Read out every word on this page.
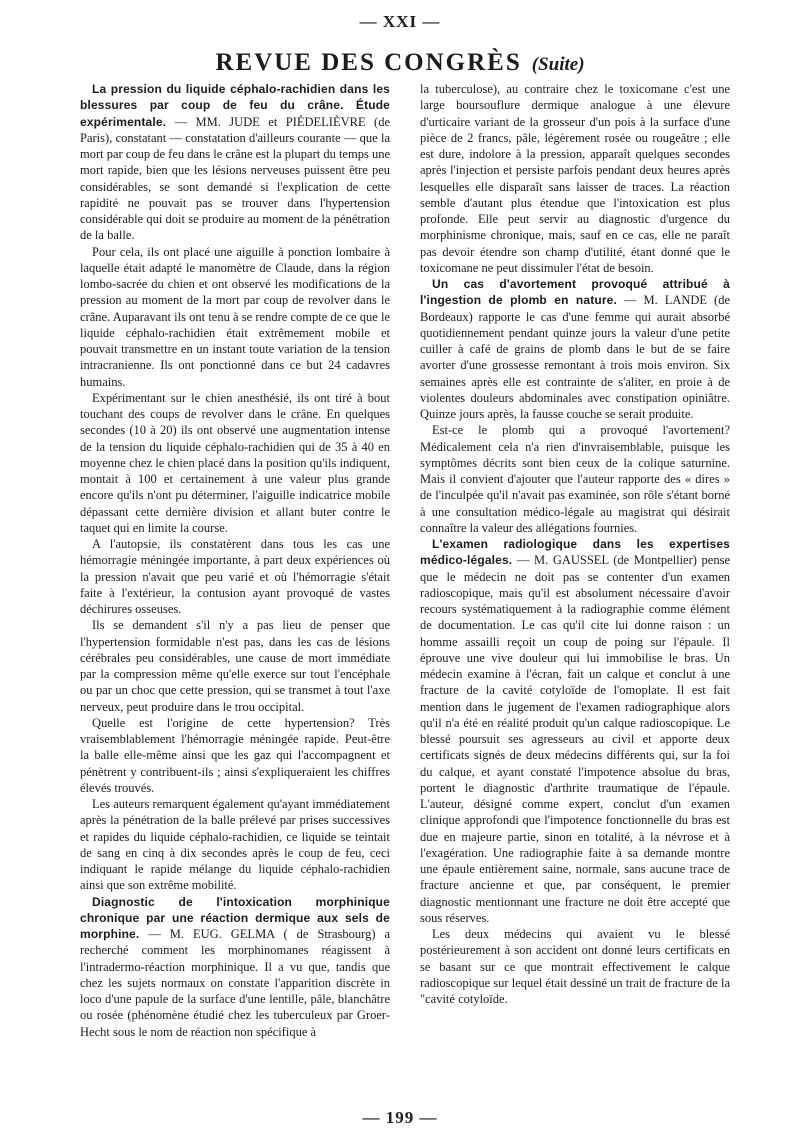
— XXI —

REVUE DES CONGRÈS (Suite)

La pression du liquide céphalo-rachidien dans les blessures par coup de feu du crâne. Étude expérimentale. — MM. JUDE et PIÉDELIÈVRE (de Paris), constatant — constatation d'ailleurs courante — que la mort par coup de feu dans le crâne est la plupart du temps une mort rapide, bien que les lésions nerveuses puissent être peu considérables, se sont demandé si l'explication de cette rapidité ne pouvait pas se trouver dans l'hypertension considérable qui doit se produire au moment de la pénétration de la balle.

Pour cela, ils ont placé une aiguille à ponction lombaire à laquelle était adapté le manomètre de Claude, dans la région lombo-sacrée du chien et ont observé les modifications de la pression au moment de la mort par coup de revolver dans le crâne. Auparavant ils ont tenu à se rendre compte de ce que le liquide céphalo-rachidien était extrêmement mobile et pouvait transmettre en un instant toute variation de la tension intracranienne. Ils ont ponctionné dans ce but 24 cadavres humains.

Expérimentant sur le chien anesthésié, ils ont tiré à bout touchant des coups de revolver dans le crâne. En quelques secondes (10 à 20) ils ont observé une augmentation intense de la tension du liquide céphalo-rachidien qui de 35 à 40 en moyenne chez le chien placé dans la position qu'ils indiquent, montait à 100 et certainement à une valeur plus grande encore qu'ils n'ont pu déterminer, l'aiguille indicatrice mobile dépassant cette dernière division et allant buter contre le taquet qui en limite la course.

A l'autopsie, ils constatèrent dans tous les cas une hémorragie méningée importante, à part deux expériences où la pression n'avait que peu varié et où l'hémorragie s'était faite à l'extérieur, la contusion ayant provoqué de vastes déchirures osseuses.

Ils se demandent s'il n'y a pas lieu de penser que l'hypertension formidable n'est pas, dans les cas de lésions cérébrales peu considérables, une cause de mort immédiate par la compression même qu'elle exerce sur tout l'encéphale ou par un choc que cette pression, qui se transmet à tout l'axe nerveux, peut produire dans le trou occipital.

Quelle est l'origine de cette hypertension? Très vraisemblablement l'hémorragie méningée rapide. Peut-être la balle elle-même ainsi que les gaz qui l'accompagnent et pénètrent y contribuent-ils ; ainsi s'expliqueraient les chiffres élevés trouvés.

Les auteurs remarquent également qu'ayant immédiatement après la pénétration de la balle prélevé par prises successives et rapides du liquide céphalo-rachidien, ce liquide se teintait de sang en cinq à dix secondes après le coup de feu, ceci indiquant le rapide mélange du liquide céphalo-rachidien ainsi que son extrême mobilité.

Diagnostic de l'intoxication morphinique chronique par une réaction dermique aux sels de morphine. — M. EUG. GELMA ( de Strasbourg) a recherché comment les morphinomanes réagissent à l'intradermo-réaction morphinique. Il a vu que, tandis que chez les sujets normaux on constate l'apparition discrète in loco d'une papule de la surface d'une lentille, pâle, blanchâtre ou rosée (phénomène étudié chez les tuberculeux par Groer-Hecht sous le nom de réaction non spécifique à

la tuberculose), au contraire chez le toxicomane c'est une large boursouflure dermique analogue à une élevure d'urticaire variant de la grosseur d'un pois à la surface d'une pièce de 2 francs, pâle, légèrement rosée ou rougeâtre ; elle est dure, indolore à la pression, apparaît quelques secondes après l'injection et persiste parfois pendant deux heures après lesquelles elle disparaît sans laisser de traces. La réaction semble d'autant plus étendue que l'intoxication est plus profonde. Elle peut servir au diagnostic d'urgence du morphinisme chronique, mais, sauf en ce cas, elle ne paraît pas devoir étendre son champ d'utilité, étant donné que le toxicomane ne peut dissimuler l'état de besoin.

Un cas d'avortement provoqué attribué à l'ingestion de plomb en nature. — M. LANDE (de Bordeaux) rapporte le cas d'une femme qui aurait absorbé quotidiennement pendant quinze jours la valeur d'une petite cuiller à café de grains de plomb dans le but de se faire avorter d'une grossesse remontant à trois mois environ. Six semaines après elle est contrainte de s'aliter, en proie à de violentes douleurs abdominales avec constipation opiniâtre. Quinze jours après, la fausse couche se serait produite.

Est-ce le plomb qui a provoqué l'avortement? Médicalement cela n'a rien d'invraisemblable, puisque les symptômes décrits sont bien ceux de la colique saturnine. Mais il convient d'ajouter que l'auteur rapporte des « dires » de l'inculpée qu'il n'avait pas examinée, son rôle s'étant borné à une consultation médico-légale au magistrat qui désirait connaître la valeur des allégations fournies.

L'examen radiologique dans les expertises médico-légales. — M. GAUSSEL (de Montpellier) pense que le médecin ne doit pas se contenter d'un examen radioscopique, mais qu'il est absolument nécessaire d'avoir recours systématiquement à la radiographie comme élément de documentation. Le cas qu'il cite lui donne raison : un homme assailli reçoit un coup de poing sur l'épaule. Il éprouve une vive douleur qui lui immobilise le bras. Un médecin examine à l'écran, fait un calque et conclut à une fracture de la cavité cotyloïde de l'omoplate. Il est fait mention dans le jugement de l'examen radiographique alors qu'il n'a été en réalité produit qu'un calque radioscopique. Le blessé poursuit ses agresseurs au civil et apporte deux certificats signés de deux médecins différents qui, sur la foi du calque, et ayant constaté l'impotence absolue du bras, portent le diagnostic d'arthrite traumatique de l'épaule. L'auteur, désigné comme expert, conclut d'un examen clinique approfondi que l'impotence fonctionnelle du bras est due en majeure partie, sinon en totalité, à la névrose et à l'exagération. Une radiographie faite à sa demande montre une épaule entièrement saine, normale, sans aucune trace de fracture ancienne et que, par conséquent, le premier diagnostic mentionnant une fracture ne doit être accepté que sous réserves.

Les deux médecins qui avaient vu le blessé postérieurement à son accident ont donné leurs certificats en se basant sur ce que montrait effectivement le calque radioscopique sur lequel était dessiné un trait de fracture de la "cavité cotyloïde.

— 199 —
